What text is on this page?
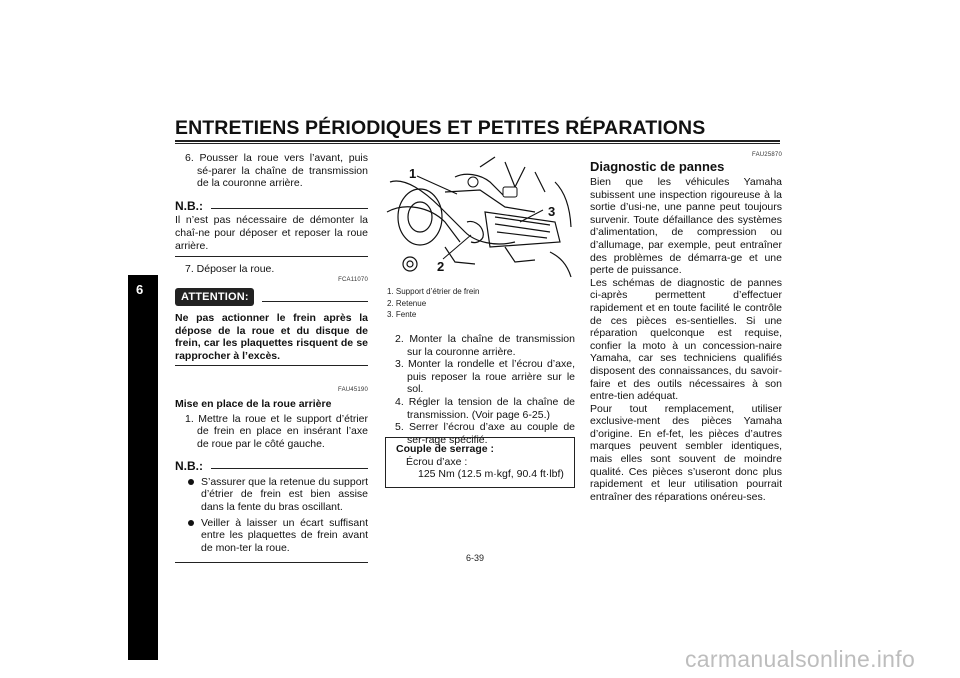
ENTRETIENS PÉRIODIQUES ET PETITES RÉPARATIONS
6
6. Pousser la roue vers l’avant, puis sé-parer la chaîne de transmission de la couronne arrière.
N.B.:
Il n’est pas nécessaire de démonter la chaî-ne pour déposer et reposer la roue arrière.
7. Déposer la roue.
FCA11070
ATTENTION:
Ne pas actionner le frein après la dépose de la roue et du disque de frein, car les plaquettes risquent de se rapprocher à l’excès.
FAU45190
Mise en place de la roue arrière
1. Mettre la roue et le support d’étrier de frein en place en insérant l’axe de roue par le côté gauche.
N.B.:
S’assurer que la retenue du support d’étrier de frein est bien assise dans la fente du bras oscillant.
Veiller à laisser un écart suffisant entre les plaquettes de frein avant de mon-ter la roue.
1
2
3
1. Support d’étrier de frein
2. Retenue
3. Fente
2. Monter la chaîne de transmission sur la couronne arrière.
3. Monter la rondelle et l’écrou d’axe, puis reposer la roue arrière sur le sol.
4. Régler la tension de la chaîne de transmission. (Voir page 6-25.)
5. Serrer l’écrou d’axe au couple de ser-rage spécifié.
Couple de serrage :
Écrou d’axe :
125 Nm (12.5 m·kgf, 90.4 ft·lbf)
FAU25870
Diagnostic de pannes
Bien que les véhicules Yamaha subissent une inspection rigoureuse à la sortie d’usi-ne, une panne peut toujours survenir. Toute défaillance des systèmes d’alimentation, de compression ou d’allumage, par exemple, peut entraîner des problèmes de démarra-ge et une perte de puissance.
Les schémas de diagnostic de pannes ci-après permettent d’effectuer rapidement et en toute facilité le contrôle de ces pièces es-sentielles. Si une réparation quelconque est requise, confier la moto à un concession-naire Yamaha, car ses techniciens qualifiés disposent des connaissances, du savoir-faire et des outils nécessaires à son entre-tien adéquat.
Pour tout remplacement, utiliser exclusive-ment des pièces Yamaha d’origine. En ef-fet, les pièces d’autres marques peuvent sembler identiques, mais elles sont souvent de moindre qualité. Ces pièces s’useront donc plus rapidement et leur utilisation pourrait entraîner des réparations onéreu-ses.
6-39
carmanualsonline.info
